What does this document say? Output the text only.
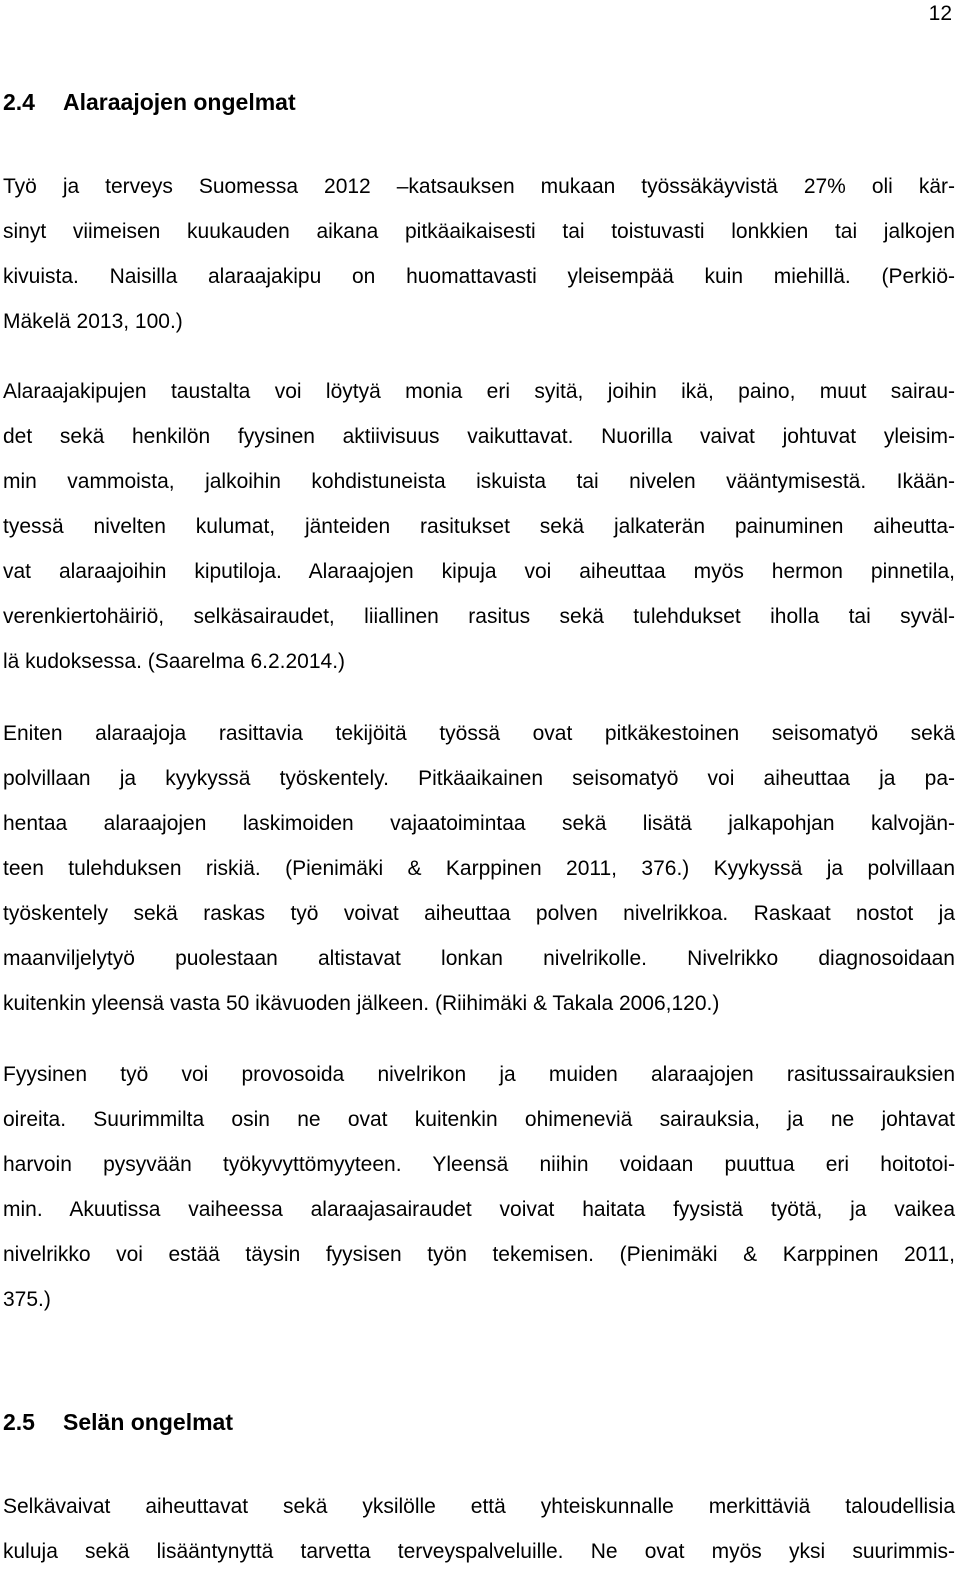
12
2.4 Alaraajojen ongelmat
Työ ja terveys Suomessa 2012 –katsauksen mukaan työssäkäyvistä 27% oli kär-
sinyt viimeisen kuukauden aikana pitkäaikaisesti tai toistuvasti lonkkien tai jalkojen
kivuista. Naisilla alaraajakipu on huomattavasti yleisempää kuin miehillä. (Perkiö-
Mäkelä 2013, 100.)
Alaraajakipujen taustalta voi löytyä monia eri syitä, joihin ikä, paino, muut sairau-
det sekä henkilön fyysinen aktiivisuus vaikuttavat. Nuorilla vaivat johtuvat yleisim-
min vammoista, jalkoihin kohdistuneista iskuista tai nivelen vääntymisestä. Ikään-
tyessä nivelten kulumat, jänteiden rasitukset sekä jalkaterän painuminen aiheutta-
vat alaraajoihin kiputiloja. Alaraajojen kipuja voi aiheuttaa myös hermon pinnetila,
verenkiertohäiriö, selkäsairaudet, liiallinen rasitus sekä tulehdukset iholla tai syväl-
lä kudoksessa. (Saarelma 6.2.2014.)
Eniten alaraajoja rasittavia tekijöitä työssä ovat pitkäkestoinen seisomatyö sekä
polvillaan ja kyykyssä työskentely. Pitkäaikainen seisomatyö voi aiheuttaa ja pa-
hentaa alaraajojen laskimoiden vajaatoimintaa sekä lisätä jalkapohjan kalvojän-
teen tulehduksen riskiä. (Pienimäki & Karppinen 2011, 376.) Kyykyssä ja polvillaan
työskentely sekä raskas työ voivat aiheuttaa polven nivelrikkoa. Raskaat nostot ja
maanviljelytyö puolestaan altistavat lonkan nivelrikolle. Nivelrikko diagnosoidaan
kuitenkin yleensä vasta 50 ikävuoden jälkeen. (Riihimäki & Takala 2006,120.)
Fyysinen työ voi provosoida nivelrikon ja muiden alaraajojen rasitussairauksien
oireita. Suurimmilta osin ne ovat kuitenkin ohimeneviä sairauksia, ja ne johtavat
harvoin pysyvään työkyvyttömyyteen. Yleensä niihin voidaan puuttua eri hoitotoi-
min. Akuutissa vaiheessa alaraajasairaudet voivat haitata fyysistä työtä, ja vaikea
nivelrikko voi estää täysin fyysisen työn tekemisen. (Pienimäki & Karppinen 2011,
375.)
2.5 Selän ongelmat
Selkävaivat aiheuttavat sekä yksilölle että yhteiskunnalle merkittäviä taloudellisia
kuluja sekä lisääntynyttä tarvetta terveyspalveluille. Ne ovat myös yksi suurimmis-
